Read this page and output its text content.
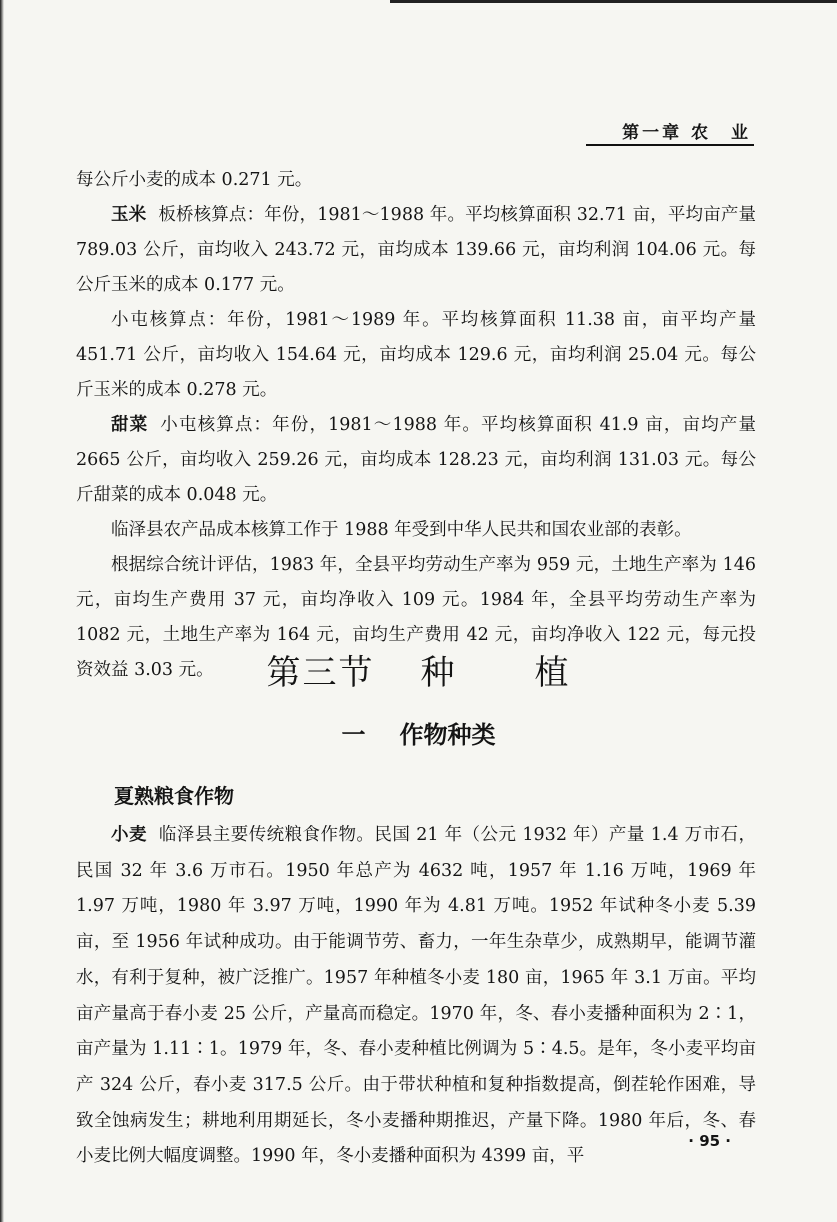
第一章 农　业

每公斤小麦的成本 0.271 元。

玉米 板桥核算点：年份，1981～1988 年。平均核算面积 32.71 亩，平均亩产量 789.03 公斤，亩均收入 243.72 元，亩均成本 139.66 元，亩均利润 104.06 元。每公斤玉米的成本 0.177 元。

小屯核算点：年份，1981～1989 年。平均核算面积 11.38 亩，亩平均产量 451.71 公斤，亩均收入 154.64 元，亩均成本 129.6 元，亩均利润 25.04 元。每公斤玉米的成本 0.278 元。

甜菜 小屯核算点：年份，1981～1988 年。平均核算面积 41.9 亩，亩均产量 2665 公斤，亩均收入 259.26 元，亩均成本 128.23 元，亩均利润 131.03 元。每公斤甜菜的成本 0.048 元。

临泽县农产品成本核算工作于 1988 年受到中华人民共和国农业部的表彰。

根据综合统计评估，1983 年，全县平均劳动生产率为 959 元，土地生产率为 146 元，亩均生产费用 37 元，亩均净收入 109 元。1984 年，全县平均劳动生产率为 1082 元，土地生产率为 164 元，亩均生产费用 42 元，亩均净收入 122 元，每元投资效益 3.03 元。	第三节 种 植
一 作物种类
夏熟粮食作物

小麦 临泽县主要传统粮食作物。民国 21 年（公元 1932 年）产量 1.4 万市石，民国 32 年 3.6 万市石。1950 年总产为 4632 吨，1957 年 1.16 万吨，1969 年 1.97 万吨，1980 年 3.97 万吨，1990 年为 4.81 万吨。1952 年试种冬小麦 5.39 亩，至 1956 年试种成功。由于能调节劳、畜力，一年生杂草少，成熟期早，能调节灌水，有利于复种，被广泛推广。1957 年种植冬小麦 180 亩，1965 年 3.1 万亩。平均亩产量高于春小麦 25 公斤，产量高而稳定。1970 年，冬、春小麦播种面积为 2∶1，亩产量为 1.11∶1。1979 年，冬、春小麦种植比例调为 5∶4.5。是年，冬小麦平均亩产 324 公斤，春小麦 317.5 公斤。由于带状种植和复种指数提高，倒茬轮作困难，导致全蚀病发生；耕地利用期延长，冬小麦播种期推迟，产量下降。1980 年后，冬、春小麦比例大幅度调整。1990 年，冬小麦播种面积为 4399 亩，平

· 95 ·
